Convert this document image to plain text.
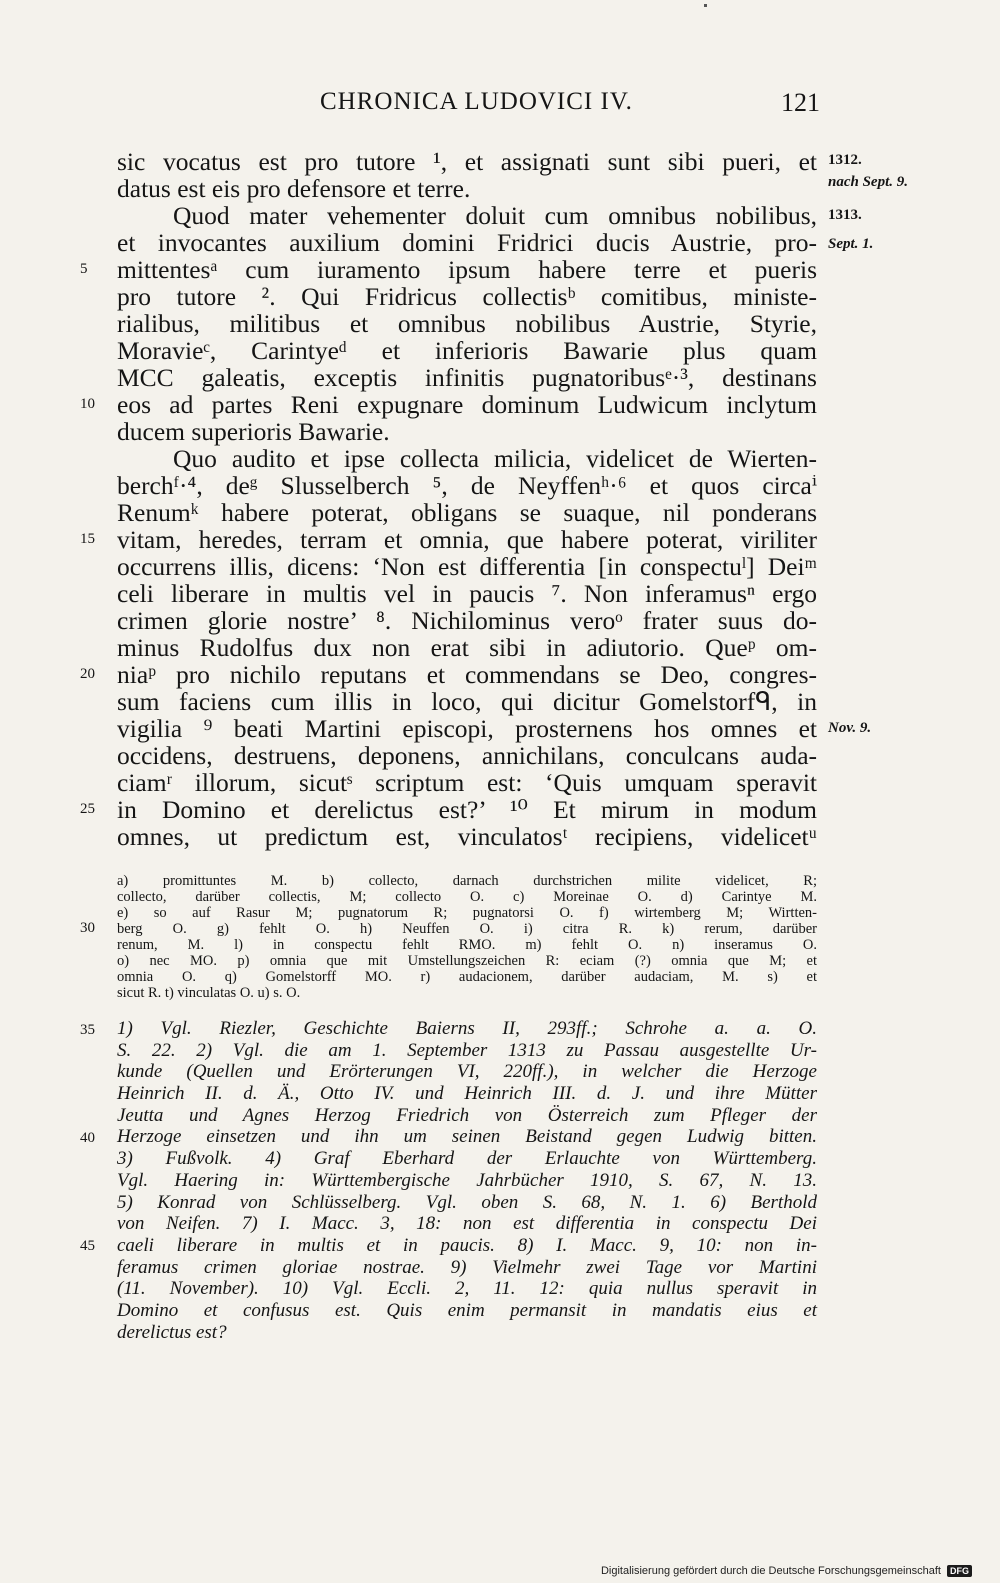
CHRONICA LUDOVICI IV.	121
sic vocatus est pro tutore ¹, et assignati sunt sibi pueri, et
datus est eis pro defensore et terre.
Quod mater vehementer doluit cum omnibus nobilibus,
et invocantes auxilium domini Fridrici ducis Austrie, pro-
mittentesᵃ cum iuramento ipsum habere terre et pueris
pro tutore ². Qui Fridricus collectisᵇ comitibus, ministe-
rialibus, militibus et omnibus nobilibus Austrie, Styrie,
Moravieᶜ, Carintyeᵈ et inferioris Bawarie plus quam
MCC galeatis, exceptis infinitis pugnatoribusᵉ·³, destinans
eos ad partes Reni expugnare dominum Ludwicum inclytum
ducem superioris Bawarie.
Quo audito et ipse collecta milicia, videlicet de Wierten-
berchᶠ·⁴, deᵍ Slusselberch ⁵, de Neyffenʰ·⁶ et quos circaⁱ
Renumᵏ habere poterat, obligans se suaque, nil ponderans
vitam, heredes, terram et omnia, que habere poterat, viriliter
occurrens illis, dicens: ‘Non est differentia [in conspectuˡ] Deiᵐ
celi liberare in multis vel in paucis ⁷. Non inferamusⁿ ergo
crimen glorie nostre’ ⁸. Nichilominus veroᵒ frater suus do-
minus Rudolfus dux non erat sibi in adiutorio. Queᵖ om-
niaᵖ pro nichilo reputans et commendans se Deo, congres-
sum faciens cum illis in loco, qui dicitur Gomelstorfᑫ, in
vigilia ⁹ beati Martini episcopi, prosternens hos omnes et
occidens, destruens, deponens, annichilans, conculcans auda-
ciamʳ illorum, sicutˢ scriptum est: ‘Quis umquam speravit
in Domino et derelictus est?’ ¹⁰ Et mirum in modum
omnes, ut predictum est, vinculatosᵗ recipiens, videlicetᵘ
5
10
15
20
25
1312.
nach Sept. 9.
1313.
Sept. 1.
Nov. 9.
a) promittuntes M. b) collecto, darnach durchstrichen milite videlicet, R;
collecto, darüber collectis, M; collecto O. c) Moreinae O. d) Carintye M.
e) so auf Rasur M; pugnatorum R; pugnatorsi O. f) wirtemberg M; Wirtten-
berg O. g) fehlt O. h) Neuffen O. i) citra R. k) rerum, darüber
renum, M. l) in conspectu fehlt RMO. m) fehlt O. n) inseramus O.
o) nec MO. p) omnia que mit Umstellungszeichen R: eciam (?) omnia que M; et
omnia O. q) Gomelstorff MO. r) audacionem, darüber audaciam, M. s) et
sicut R. t) vinculatas O. u) s. O.
30
1) Vgl. Riezler, Geschichte Baierns II, 293ff.; Schrohe a. a. O.
S. 22. 2) Vgl. die am 1. September 1313 zu Passau ausgestellte Ur-
kunde (Quellen und Erörterungen VI, 220ff.), in welcher die Herzoge
Heinrich II. d. Ä., Otto IV. und Heinrich III. d. J. und ihre Mütter
Jeutta und Agnes Herzog Friedrich von Österreich zum Pfleger der
Herzoge einsetzen und ihn um seinen Beistand gegen Ludwig bitten.
3) Fußvolk. 4) Graf Eberhard der Erlauchte von Württemberg.
Vgl. Haering in: Württembergische Jahrbücher 1910, S. 67, N. 13.
5) Konrad von Schlüsselberg. Vgl. oben S. 68, N. 1. 6) Berthold
von Neifen. 7) I. Macc. 3, 18: non est differentia in conspectu Dei
caeli liberare in multis et in paucis. 8) I. Macc. 9, 10: non in-
feramus crimen gloriae nostrae. 9) Vielmehr zwei Tage vor Martini
(11. November). 10) Vgl. Eccli. 2, 11. 12: quia nullus speravit in
Domino et confusus est. Quis enim permansit in mandatis eius et
derelictus est?
35
40
45
Digitalisierung gefördert durch die Deutsche Forschungsgemeinschaft DFG
